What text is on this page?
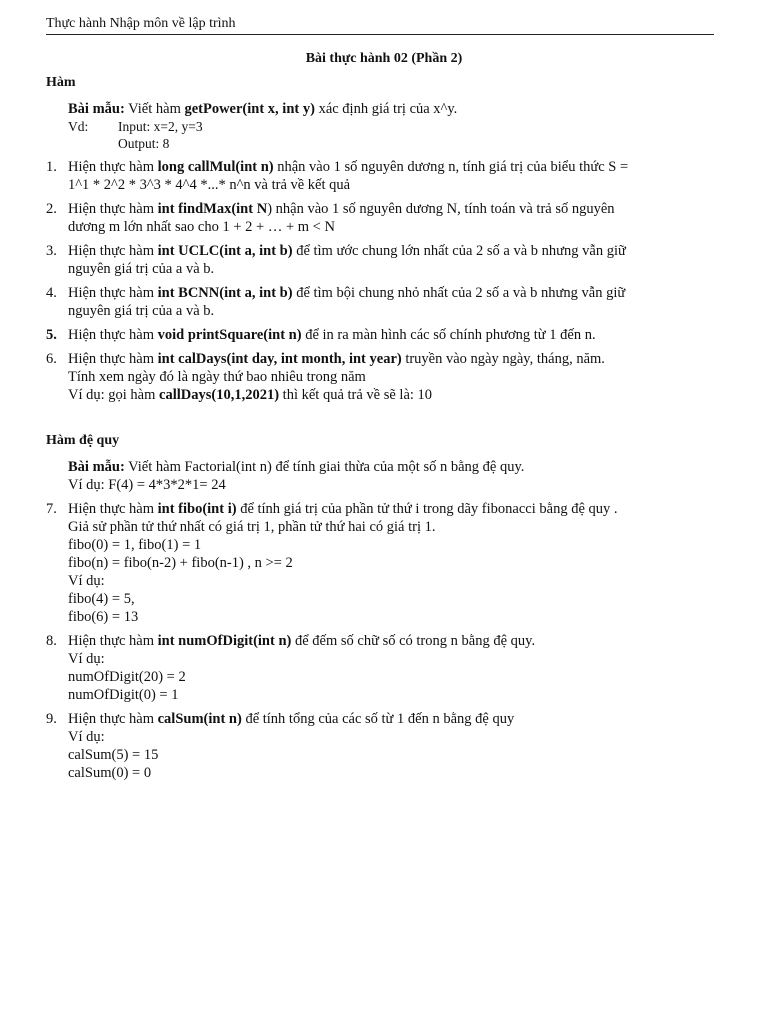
Thực hành Nhập môn về lập trình
Bài thực hành 02 (Phần 2)
Hàm
Bài mẫu: Viết hàm getPower(int x, int y) xác định giá trị của x^y.
Vd:	Input: x=2, y=3
Output: 8
1. Hiện thực hàm long callMul(int n) nhận vào 1 số nguyên dương n, tính giá trị của biểu thức S =
1^1 * 2^2 * 3^3 * 4^4 *...* n^n và trả về kết quả
2. Hiện thực hàm int findMax(int N) nhận vào 1 số nguyên dương N, tính toán và trả số nguyên
dương m lớn nhất sao cho 1 + 2 + … + m < N
3. Hiện thực hàm int UCLC(int a, int b) để tìm ước chung lớn nhất của 2 số a và b nhưng vẫn giữ
nguyên giá trị của a và b.
4. Hiện thực hàm int BCNN(int a, int b) để tìm bội chung nhỏ nhất của 2 số a và b nhưng vẫn giữ
nguyên giá trị của a và b.
5. Hiện thực hàm void printSquare(int n) để in ra màn hình các số chính phương từ 1 đến n.
6. Hiện thực hàm int calDays(int day, int month, int year) truyền vào ngày ngày, tháng, năm.
Tính xem ngày đó là ngày thứ bao nhiêu trong năm
Ví dụ: gọi hàm callDays(10,1,2021) thì kết quả trả về sẽ là: 10
Hàm đệ quy
Bài mẫu: Viết hàm Factorial(int n) để tính giai thừa của một số n bằng đệ quy.
Ví dụ: F(4) = 4*3*2*1= 24
7. Hiện thực hàm int fibo(int i) để tính giá trị của phần tử thứ i trong dãy fibonacci bằng đệ quy .
Giả sử phần tử thứ nhất có giá trị 1, phần tử thứ hai có giá trị 1.
fibo(0) = 1, fibo(1) = 1
fibo(n) = fibo(n-2) + fibo(n-1) , n >= 2
Ví dụ:
fibo(4) = 5,
fibo(6) = 13
8. Hiện thực hàm int numOfDigit(int n) để đếm số chữ số có trong n bằng đệ quy.
Ví dụ:
numOfDigit(20) = 2
numOfDigit(0) = 1
9. Hiện thực hàm calSum(int n) để tính tổng của các số từ 1 đến n bằng đệ quy
Ví dụ:
calSum(5) = 15
calSum(0) = 0
